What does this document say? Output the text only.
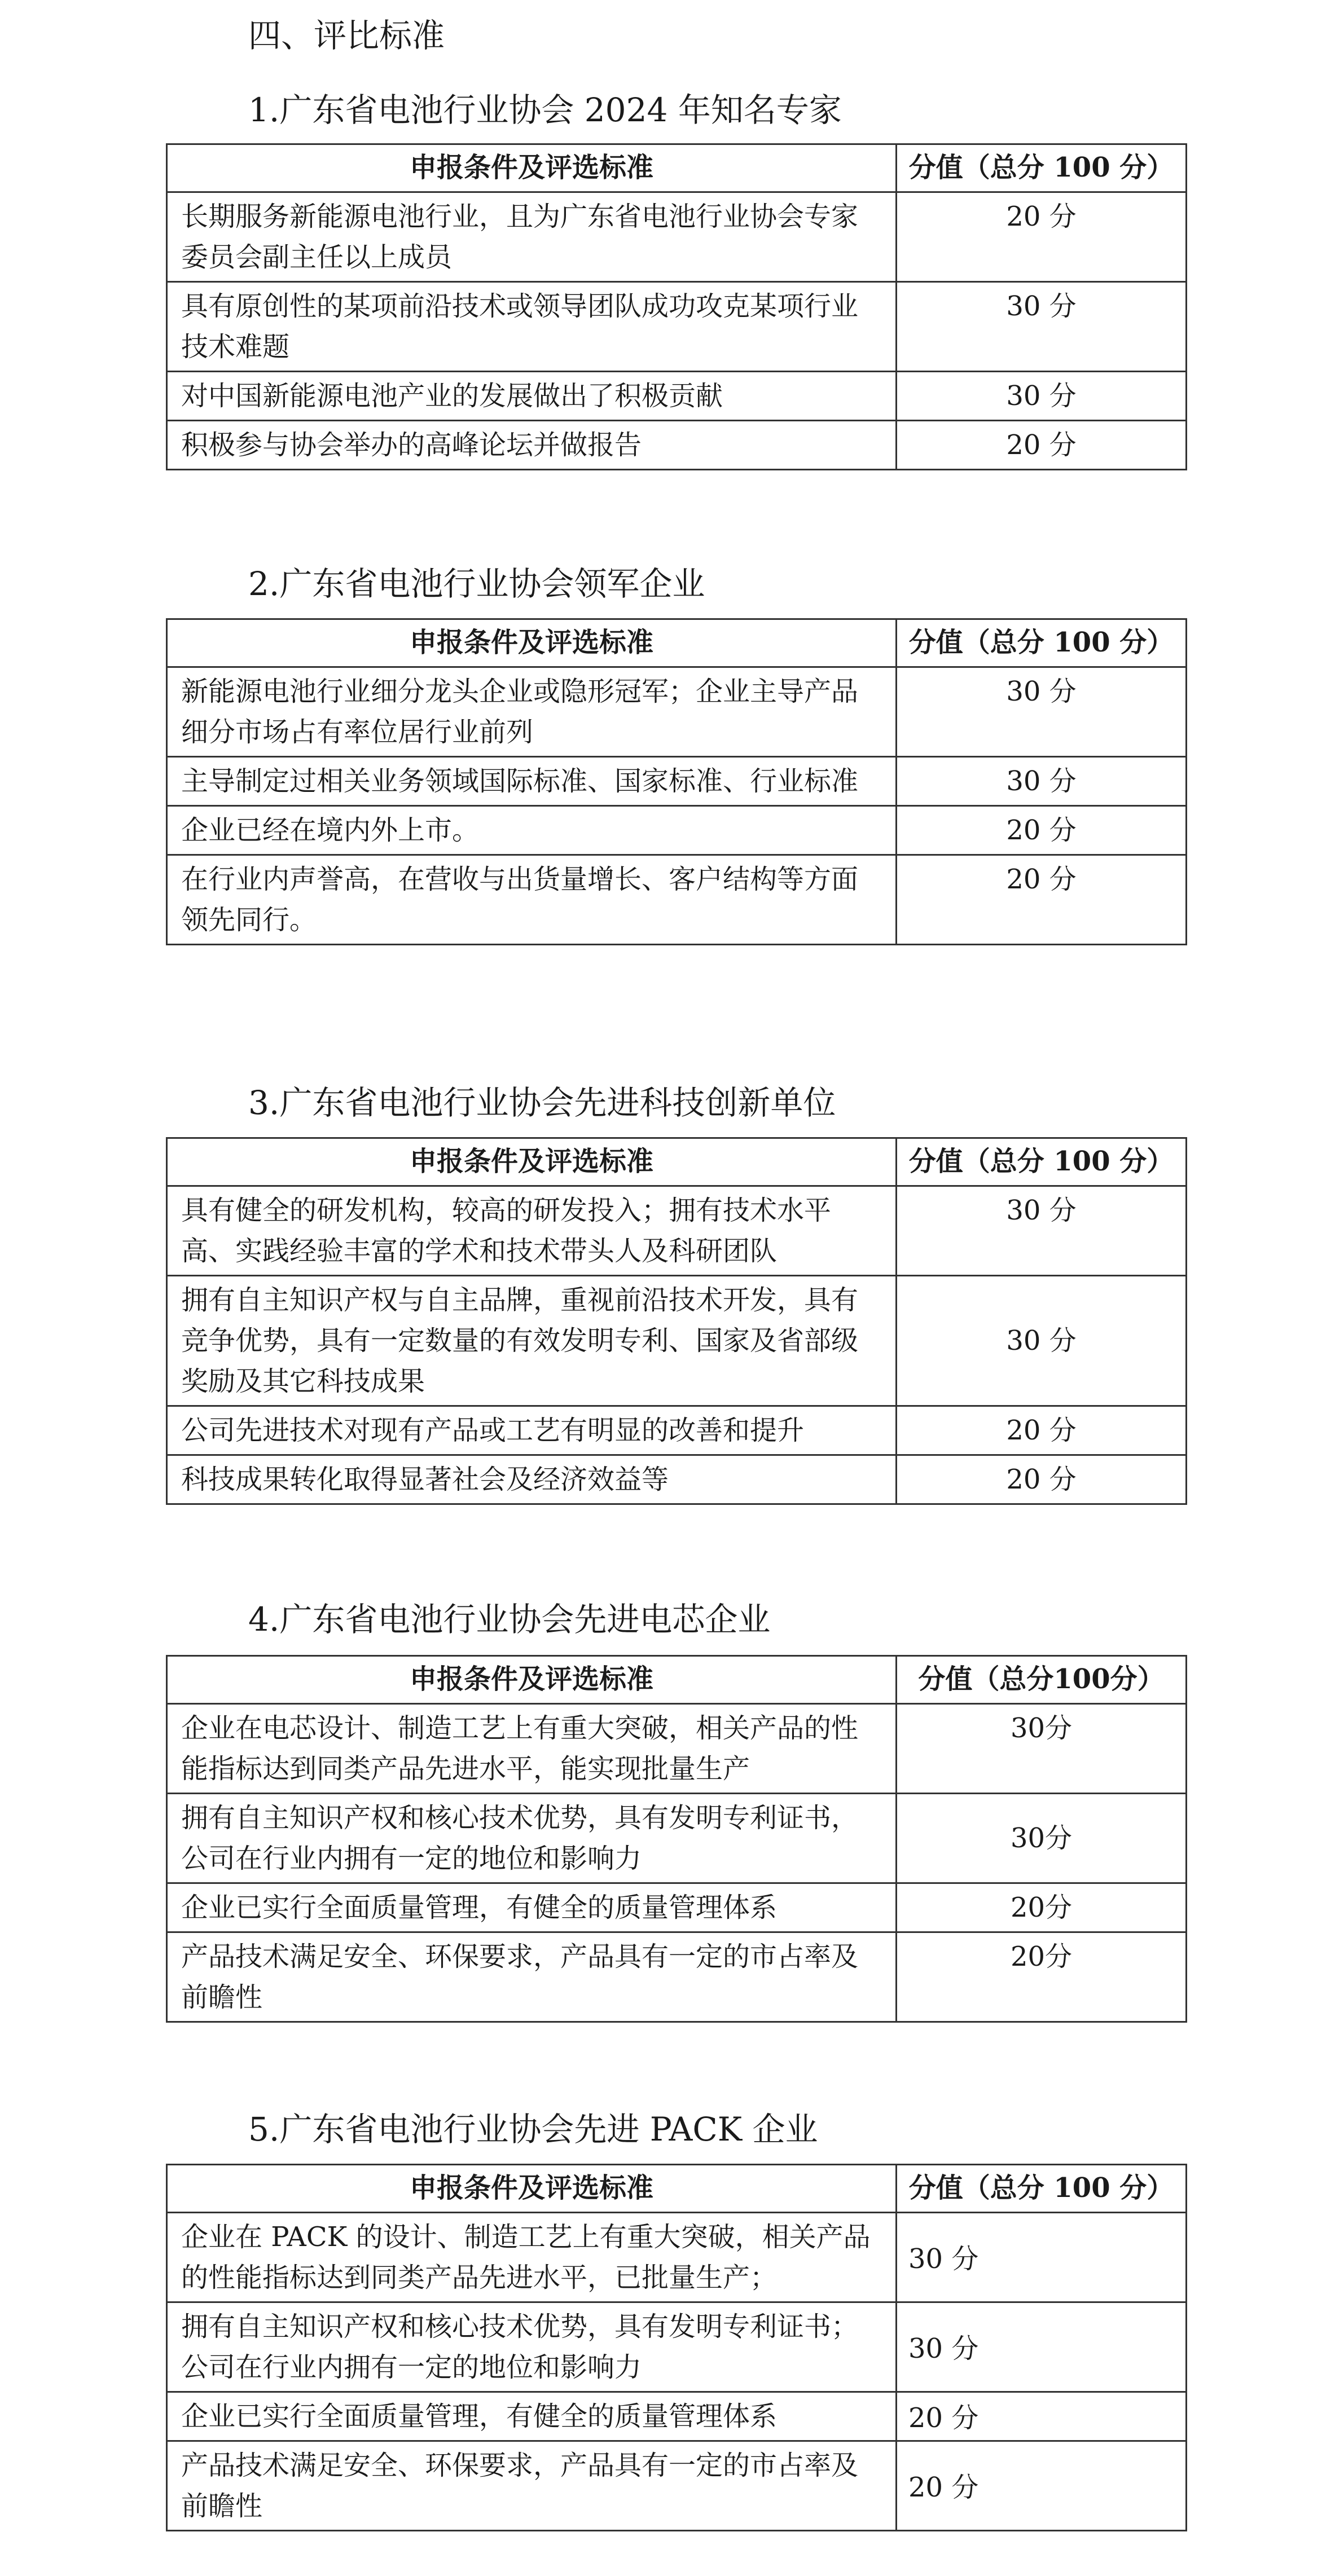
四、评比标准
1.广东省电池行业协会 2024 年知名专家
申报条件及评选标准	分值（总分 100 分）
长期服务新能源电池行业，且为广东省电池行业协会专家委员会副主任以上成员	20 分
具有原创性的某项前沿技术或领导团队成功攻克某项行业技术难题	30 分
对中国新能源电池产业的发展做出了积极贡献	30 分
积极参与协会举办的高峰论坛并做报告	20 分
2.广东省电池行业协会领军企业
申报条件及评选标准	分值（总分 100 分）
新能源电池行业细分龙头企业或隐形冠军；企业主导产品细分市场占有率位居行业前列	30 分
主导制定过相关业务领域国际标准、国家标准、行业标准	30 分
企业已经在境内外上市。	20 分
在行业内声誉高，在营收与出货量增长、客户结构等方面领先同行。	20 分
3.广东省电池行业协会先进科技创新单位
申报条件及评选标准	分值（总分 100 分）
具有健全的研发机构，较高的研发投入；拥有技术水平高、实践经验丰富的学术和技术带头人及科研团队	30 分
拥有自主知识产权与自主品牌，重视前沿技术开发，具有竞争优势，具有一定数量的有效发明专利、国家及省部级奖励及其它科技成果	30 分
公司先进技术对现有产品或工艺有明显的改善和提升	20 分
科技成果转化取得显著社会及经济效益等	20 分
4.广东省电池行业协会先进电芯企业
申报条件及评选标准	分值（总分100分）
企业在电芯设计、制造工艺上有重大突破，相关产品的性能指标达到同类产品先进水平，能实现批量生产	30分
拥有自主知识产权和核心技术优势，具有发明专利证书，公司在行业内拥有一定的地位和影响力	30分
企业已实行全面质量管理，有健全的质量管理体系	20分
产品技术满足安全、环保要求，产品具有一定的市占率及前瞻性	20分
5.广东省电池行业协会先进 PACK 企业
申报条件及评选标准	分值（总分 100 分）
企业在 PACK 的设计、制造工艺上有重大突破，相关产品的性能指标达到同类产品先进水平，已批量生产；	30 分
拥有自主知识产权和核心技术优势，具有发明专利证书；公司在行业内拥有一定的地位和影响力	30 分
企业已实行全面质量管理，有健全的质量管理体系	20 分
产品技术满足安全、环保要求，产品具有一定的市占率及前瞻性	20 分
